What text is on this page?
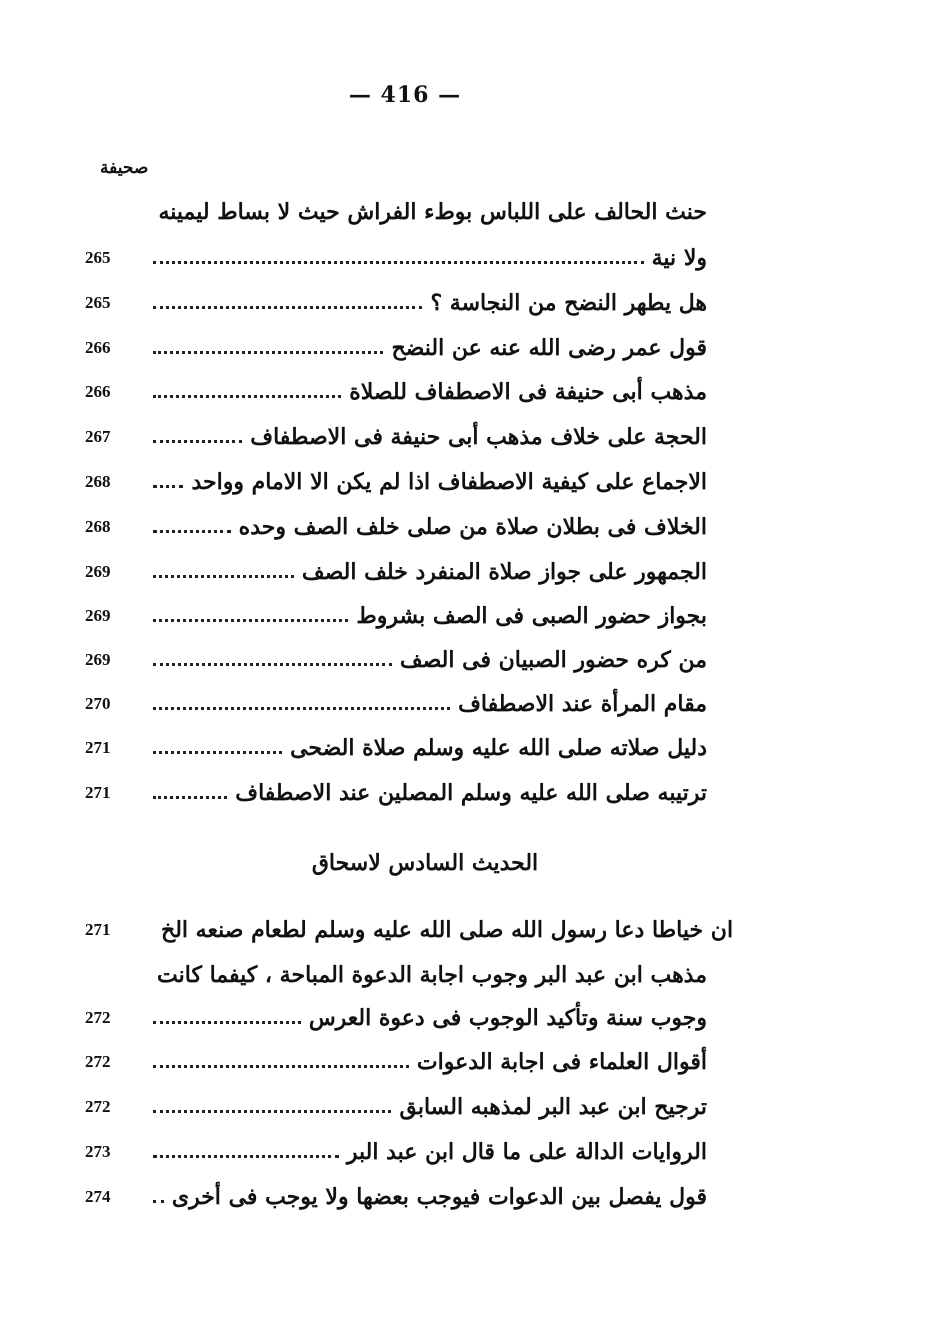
— 416 —
صحيفة
حنث الحالف على اللباس بوطء الفراش حيث لا بساط ليمينه
265	ولا نية
265	هل يطهر النضح من النجاسة ؟
266	قول عمر رضى الله عنه عن النضح
266	مذهب أبى حنيفة فى الاصطفاف للصلاة
267	الحجة على خلاف مذهب أبى حنيفة فى الاصطفاف
268	الاجماع على كيفية الاصطفاف اذا لم يكن الا الامام وواحد
268	الخلاف فى بطلان صلاة من صلى خلف الصف وحده
269	الجمهور على جواز صلاة المنفرد خلف الصف
269	بجواز حضور الصبى فى الصف بشروط
269	من كره حضور الصبيان فى الصف
270	مقام المرأة عند الاصطفاف
271	دليل صلاته صلى الله عليه وسلم صلاة الضحى
271	ترتيبه صلى الله عليه وسلم المصلين عند الاصطفاف
الحديث السادس لاسحاق
271	ان خياطا دعا رسول الله صلى الله عليه وسلم لطعام صنعه الخ
مذهب ابن عبد البر وجوب اجابة الدعوة المباحة ، كيفما كانت
272	وجوب سنة وتأكيد الوجوب فى دعوة العرس
272	أقوال العلماء فى اجابة الدعوات
272	ترجيح ابن عبد البر لمذهبه السابق
273	الروايات الدالة على ما قال ابن عبد البر
274	قول يفصل بين الدعوات فيوجب بعضها ولا يوجب فى أخرى
